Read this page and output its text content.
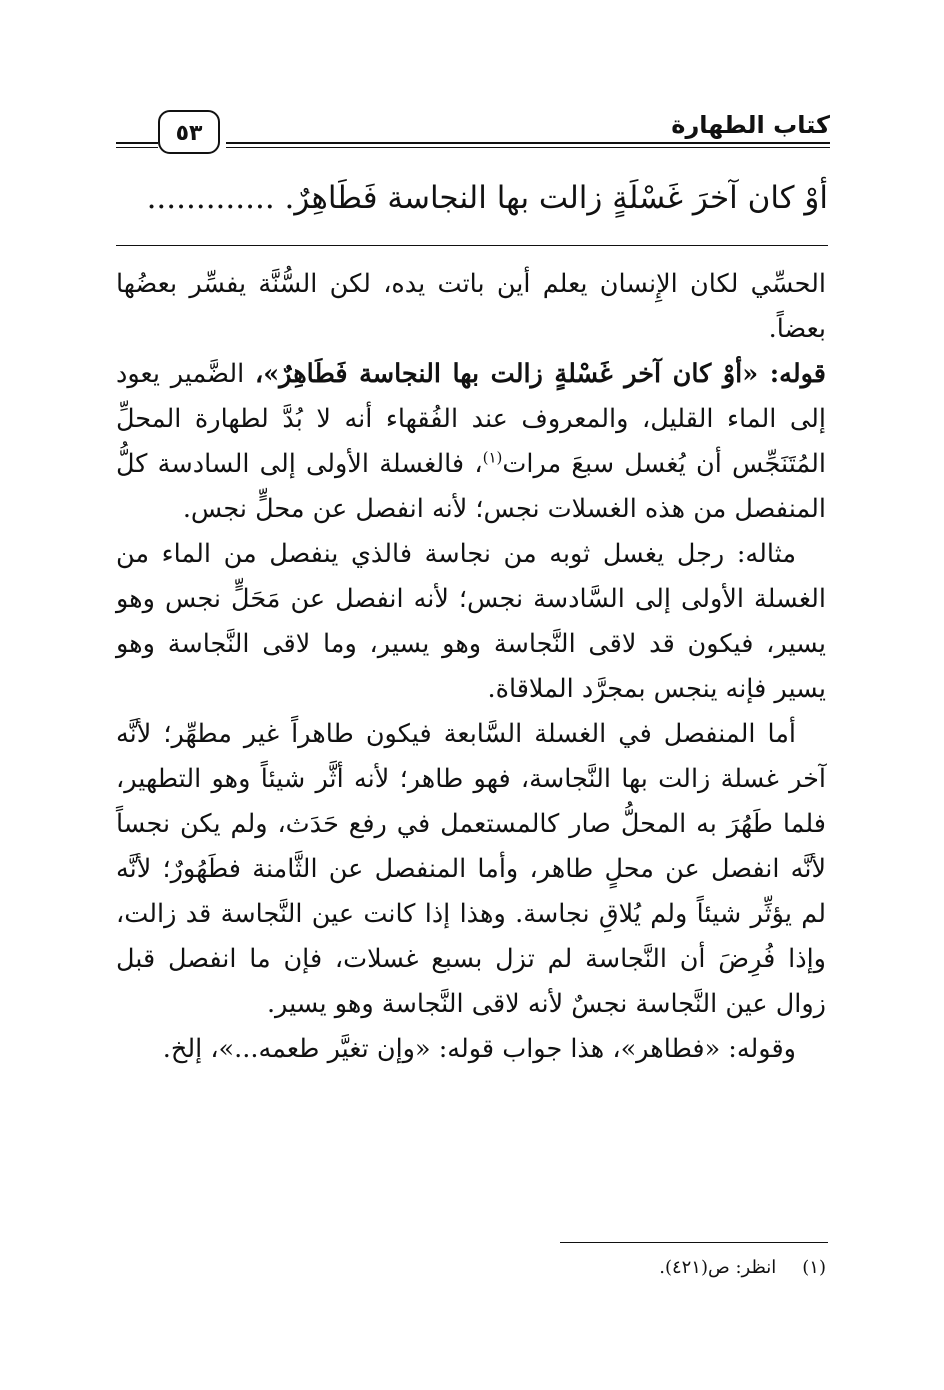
كتاب الطهارة
٥٣
أوْ كان آخرَ غَسْلَةٍ زالت بها النجاسة فَطَاهِرٌ. .............

الحسِّي لكان الإِنسان يعلم أين باتت يده، لكن السُّنَّة يفسِّر بعضُها بعضاً.

قوله: «أوْ كان آخر غَسْلةٍ زالت بها النجاسة فَطَاهِرٌ»، الضَّمير يعود إلى الماء القليل، والمعروف عند الفُقهاء أنه لا بُدَّ لطهارة المحلِّ المُتَنَجِّس أن يُغسل سبعَ مرات$^{(١)}$، فالغسلة الأولى إلى السادسة كلُّ المنفصل من هذه الغسلات نجس؛ لأنه انفصل عن محلٍّ نجس.

مثاله: رجل يغسل ثوبه من نجاسة فالذي ينفصل من الماء من الغسلة الأولى إلى السَّادسة نجس؛ لأنه انفصل عن مَحَلٍّ نجس وهو يسير، فيكون قد لاقى النَّجاسة وهو يسير، وما لاقى النَّجاسة وهو يسير فإنه ينجس بمجرَّد الملاقاة.

أما المنفصل في الغسلة السَّابعة فيكون طاهراً غير مطهِّر؛ لأنَّه آخر غسلة زالت بها النَّجاسة، فهو طاهر؛ لأنه أثَّر شيئاً وهو التطهير، فلما طَهُرَ به المحلُّ صار كالمستعمل في رفع حَدَث، ولم يكن نجساً لأنَّه انفصل عن محلٍ طاهر، وأما المنفصل عن الثَّامنة فطَهُورٌ؛ لأنَّه لم يؤثِّر شيئاً ولم يُلاقِ نجاسة. وهذا إذا كانت عين النَّجاسة قد زالت، وإذا فُرِضَ أن النَّجاسة لم تزل بسبع غسلات، فإن ما انفصل قبل زوال عين النَّجاسة نجسٌ لأنه لاقى النَّجاسة وهو يسير.

وقوله: «فطاهر»، هذا جواب قوله: «وإن تغيَّر طعمه...»، إلخ.

(١)انظر: ص(٤٢١).
